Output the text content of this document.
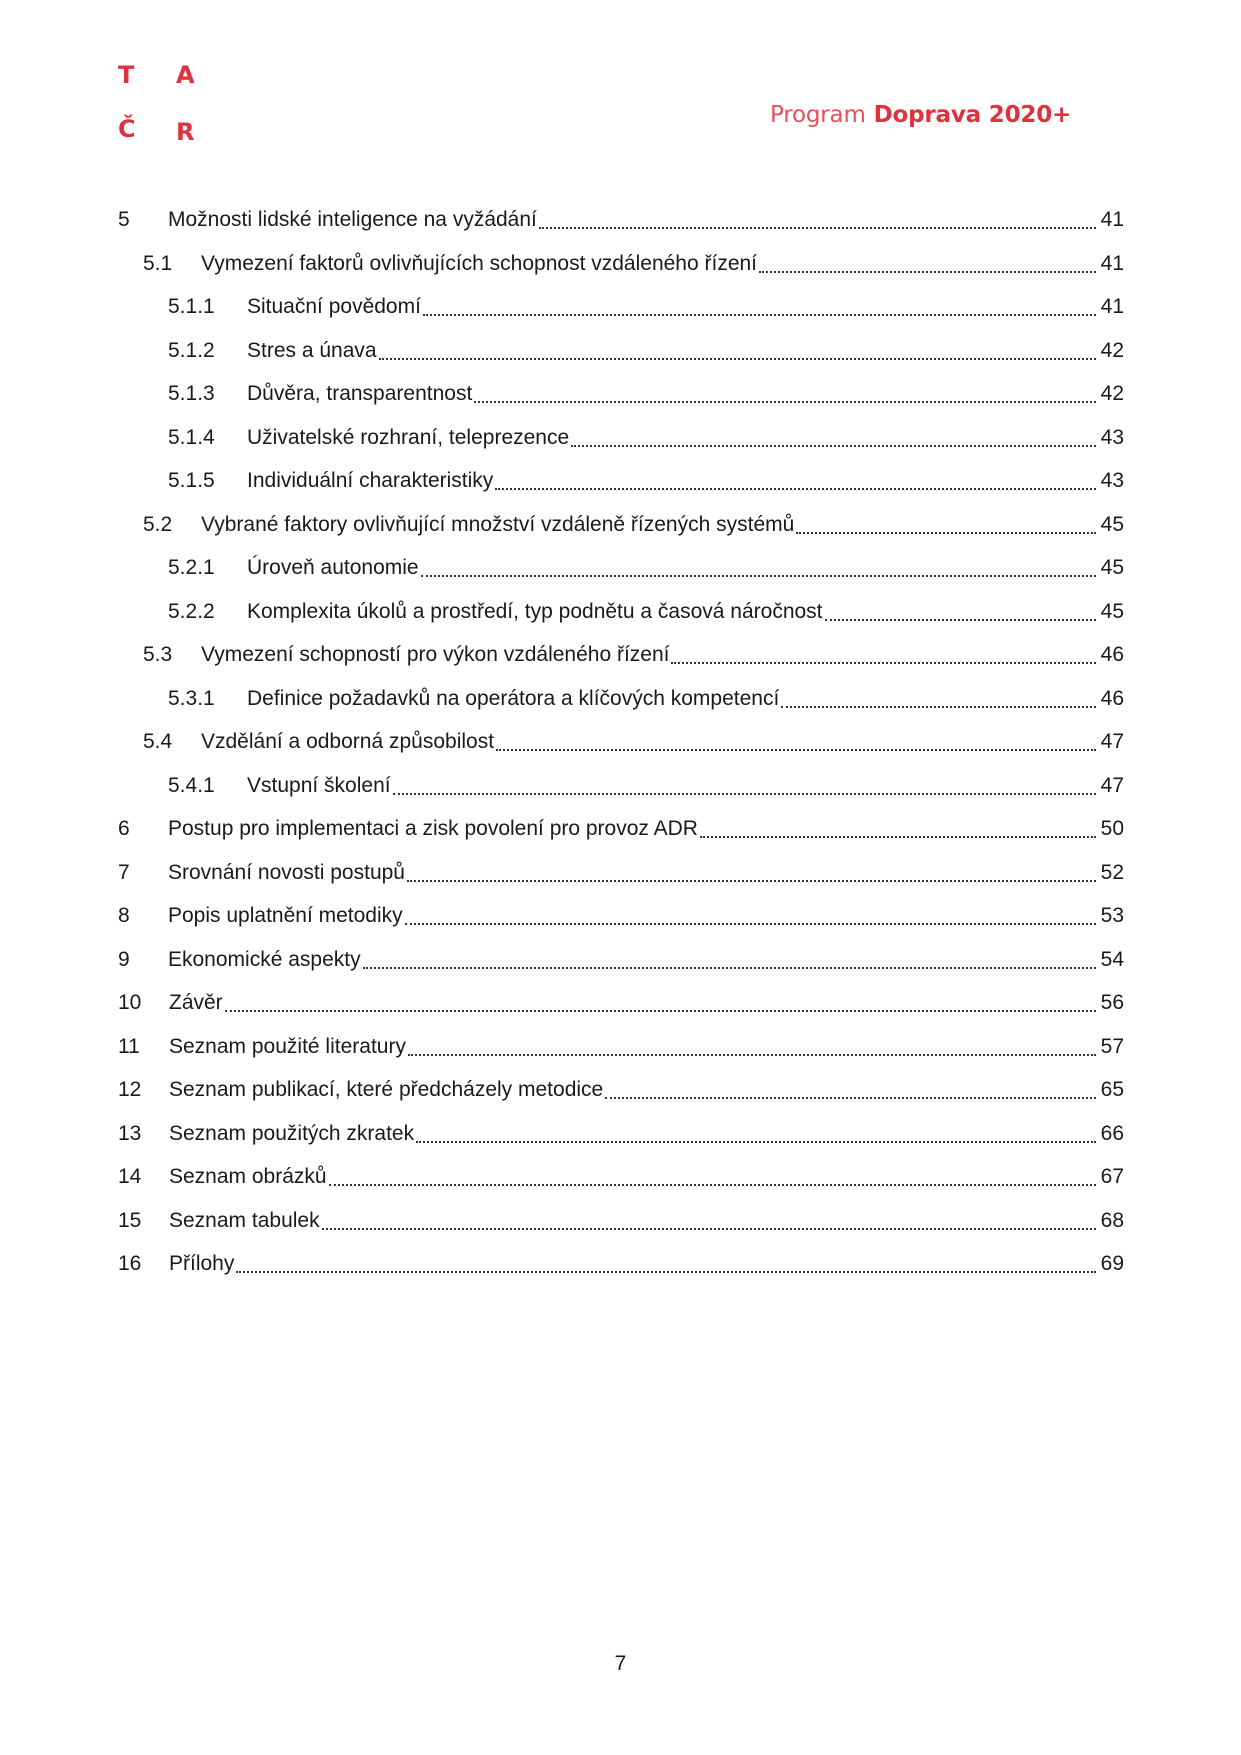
T A
Č R
Program Doprava 2020+
5	Možnosti lidské inteligence na vyžádání	41
5.1	Vymezení faktorů ovlivňujících schopnost vzdáleného řízení	41
5.1.1	Situační povědomí	41
5.1.2	Stres a únava	42
5.1.3	Důvěra, transparentnost	42
5.1.4	Uživatelské rozhraní, teleprezence	43
5.1.5	Individuální charakteristiky	43
5.2	Vybrané faktory ovlivňující množství vzdáleně řízených systémů	45
5.2.1	Úroveň autonomie	45
5.2.2	Komplexita úkolů a prostředí, typ podnětu a časová náročnost	45
5.3	Vymezení schopností pro výkon vzdáleného řízení	46
5.3.1	Definice požadavků na operátora a klíčových kompetencí	46
5.4	Vzdělání a odborná způsobilost	47
5.4.1	Vstupní školení	47
6	Postup pro implementaci a zisk povolení pro provoz ADR	50
7	Srovnání novosti postupů	52
8	Popis uplatnění metodiky	53
9	Ekonomické aspekty	54
10	Závěr	56
11	Seznam použité literatury	57
12	Seznam publikací, které předcházely metodice	65
13	Seznam použitých zkratek	66
14	Seznam obrázků	67
15	Seznam tabulek	68
16	Přílohy	69
7
